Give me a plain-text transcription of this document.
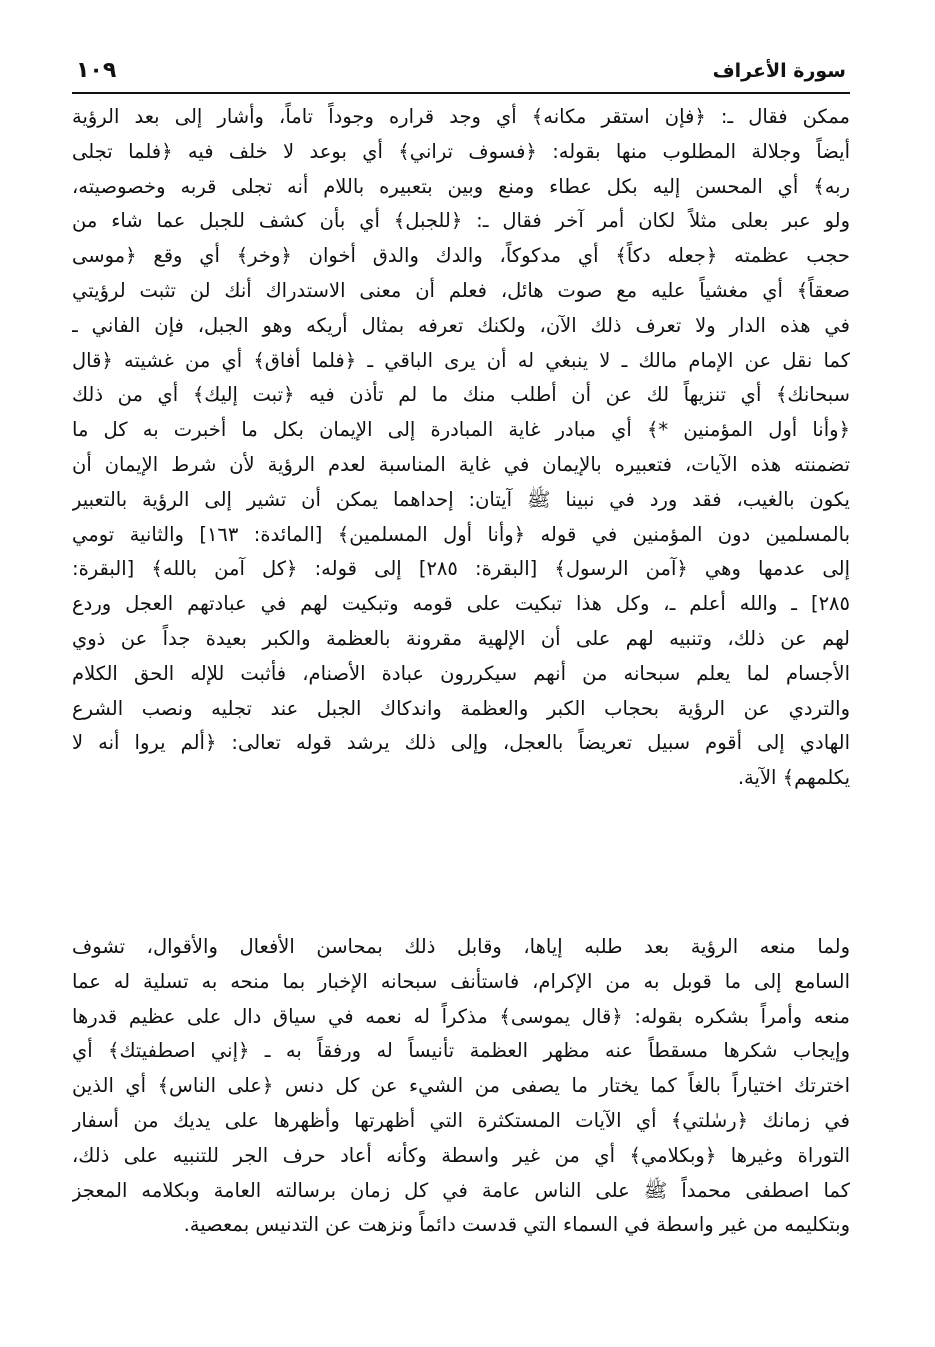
١٠٩	سورة الأعراف
ممكن فقال ـ: ﴿فإن استقر مكانه﴾ أي وجد قراره وجوداً تاماً، وأشار إلى بعد الرؤية
أيضاً وجلالة المطلوب منها بقوله: ﴿فسوف تراني﴾ أي بوعد لا خلف فيه ﴿فلما تجلى
ربه﴾ أي المحسن إليه بكل عطاء ومنع وبين بتعبيره باللام أنه تجلى قربه وخصوصيته،
ولو عبر بعلى مثلاً لكان أمر آخر فقال ـ: ﴿للجبل﴾ أي بأن كشف للجبل عما شاء من
حجب عظمته ﴿جعله دكاً﴾ أي مدكوكاً، والدك والدق أخوان ﴿وخر﴾ أي وقع ﴿موسى
صعقاً﴾ أي مغشياً عليه مع صوت هائل، فعلم أن معنى الاستدراك أنك لن تثبت لرؤيتي
في هذه الدار ولا تعرف ذلك الآن، ولكنك تعرفه بمثال أريكه وهو الجبل، فإن الفاني ـ
كما نقل عن الإمام مالك ـ لا ينبغي له أن يرى الباقي ـ ﴿فلما أفاق﴾ أي من غشيته ﴿قال
سبحانك﴾ أي تنزيهاً لك عن أن أطلب منك ما لم تأذن فيه ﴿تبت إليك﴾ أي من ذلك
﴿وأنا أول المؤمنين *﴾ أي مبادر غاية المبادرة إلى الإيمان بكل ما أخبرت به كل ما
تضمنته هذه الآيات، فتعبيره بالإيمان في غاية المناسبة لعدم الرؤية لأن شرط الإيمان أن
يكون بالغيب، فقد ورد في نبينا ﷺ آيتان: إحداهما يمكن أن تشير إلى الرؤية بالتعبير
بالمسلمين دون المؤمنين في قوله ﴿وأنا أول المسلمين﴾ [المائدة: ١٦٣] والثانية تومي
إلى عدمها وهي ﴿آمن الرسول﴾ [البقرة: ٢٨٥] إلى قوله: ﴿كل آمن بالله﴾ [البقرة:
٢٨٥] ـ والله أعلم ـ، وكل هذا تبكيت على قومه وتبكيت لهم في عبادتهم العجل وردع
لهم عن ذلك، وتنبيه لهم على أن الإلهية مقرونة بالعظمة والكبر بعيدة جداً عن ذوي
الأجسام لما يعلم سبحانه من أنهم سيكررون عبادة الأصنام، فأثبت للإله الحق الكلام
والتردي عن الرؤية بحجاب الكبر والعظمة واندكاك الجبل عند تجليه ونصب الشرع
الهادي إلى أقوم سبيل تعريضاً بالعجل، وإلى ذلك يرشد قوله تعالى: ﴿ألم يروا أنه لا
يكلمهم﴾ الآية.
ولما منعه الرؤية بعد طلبه إياها، وقابل ذلك بمحاسن الأفعال والأقوال، تشوف
السامع إلى ما قوبل به من الإكرام، فاستأنف سبحانه الإخبار بما منحه به تسلية له عما
منعه وأمراً بشكره بقوله: ﴿قال يموسى﴾ مذكراً له نعمه في سياق دال على عظيم قدرها
وإيجاب شكرها مسقطاً عنه مظهر العظمة تأنيساً له ورفقاً به ـ ﴿إني اصطفيتك﴾ أي
اخترتك اختياراً بالغاً كما يختار ما يصفى من الشيء عن كل دنس ﴿على الناس﴾ أي الذين
في زمانك ﴿رسٰلتي﴾ أي الآيات المستكثرة التي أظهرتها وأظهرها على يديك من أسفار
التوراة وغيرها ﴿وبكلامي﴾ أي من غير واسطة وكأنه أعاد حرف الجر للتنبيه على ذلك،
كما اصطفى محمداً ﷺ على الناس عامة في كل زمان برسالته العامة وبكلامه المعجز
وبتكليمه من غير واسطة في السماء التي قدست دائماً ونزهت عن التدنيس بمعصية.
